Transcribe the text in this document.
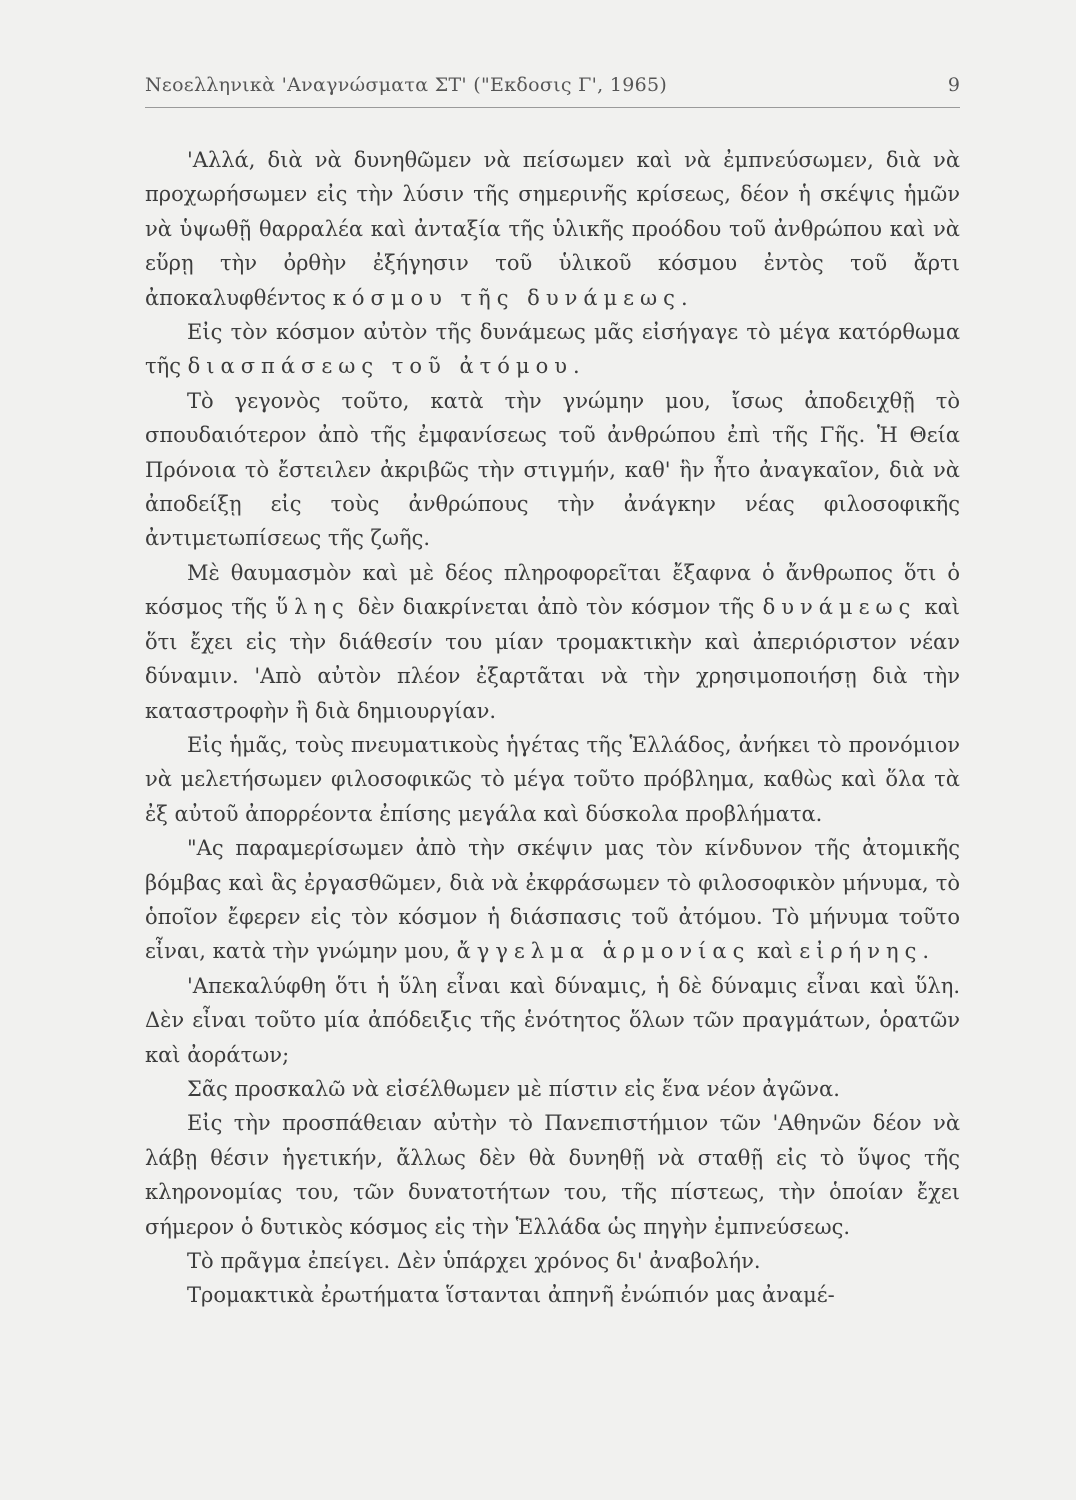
Νεοελληνικὰ 'Αναγνώσματα ΣΤ' ("Εκδοσις Γ', 1965)	9

'Αλλά, διὰ νὰ δυνηθῶμεν νὰ πείσωμεν καὶ νὰ ἐμπνεύσωμεν, διὰ νὰ προχωρήσωμεν εἰς τὴν λύσιν τῆς σημερινῆς κρίσεως, δέον ἡ σκέψις ἡμῶν νὰ ὑψωθῇ θαρραλέα καὶ ἀνταξία τῆς ὑλικῆς προόδου τοῦ ἀνθρώπου καὶ νὰ εὕρῃ τὴν ὀρθὴν ἐξήγησιν τοῦ ὑλικοῦ κόσμου ἐντὸς τοῦ ἄρτι ἀποκαλυφθέντος κόσμου τῆς δυνάμεως.

Εἰς τὸν κόσμον αὐτὸν τῆς δυνάμεως μᾶς εἰσήγαγε τὸ μέγα κατόρθωμα τῆς διασπάσεως τοῦ ἀτόμου.

Τὸ γεγονὸς τοῦτο, κατὰ τὴν γνώμην μου, ἴσως ἀποδειχθῇ τὸ σπουδαιότερον ἀπὸ τῆς ἐμφανίσεως τοῦ ἀνθρώπου ἐπὶ τῆς Γῆς. Ἡ Θεία Πρόνοια τὸ ἔστειλεν ἀκριβῶς τὴν στιγμήν, καθ' ἣν ἦτο ἀναγκαῖον, διὰ νὰ ἀποδείξῃ εἰς τοὺς ἀνθρώπους τὴν ἀνάγκην νέας φιλοσοφικῆς ἀντιμετωπίσεως τῆς ζωῆς.

Μὲ θαυμασμὸν καὶ μὲ δέος πληροφορεῖται ἔξαφνα ὁ ἄνθρωπος ὅτι ὁ κόσμος τῆς ὕλης δὲν διακρίνεται ἀπὸ τὸν κόσμον τῆς δυνάμεως καὶ ὅτι ἔχει εἰς τὴν διάθεσίν του μίαν τρομακτικὴν καὶ ἀπεριόριστον νέαν δύναμιν. 'Απὸ αὐτὸν πλέον ἐξαρτᾶται νὰ τὴν χρησιμοποιήσῃ διὰ τὴν καταστροφὴν ἢ διὰ δημιουργίαν.

Εἰς ἡμᾶς, τοὺς πνευματικοὺς ἡγέτας τῆς Ἑλλάδος, ἀνήκει τὸ προνόμιον νὰ μελετήσωμεν φιλοσοφικῶς τὸ μέγα τοῦτο πρόβλημα, καθὼς καὶ ὅλα τὰ ἐξ αὐτοῦ ἀπορρέοντα ἐπίσης μεγάλα καὶ δύσκολα προβλήματα.

"Ας παραμερίσωμεν ἀπὸ τὴν σκέψιν μας τὸν κίνδυνον τῆς ἀτομικῆς βόμβας καὶ ἃς ἐργασθῶμεν, διὰ νὰ ἐκφράσωμεν τὸ φιλοσοφικὸν μήνυμα, τὸ ὁποῖον ἔφερεν εἰς τὸν κόσμον ἡ διάσπασις τοῦ ἀτόμου. Τὸ μήνυμα τοῦτο εἶναι, κατὰ τὴν γνώμην μου, ἄγγελμα ἁρμονίας καὶ εἰρήνης.

'Απεκαλύφθη ὅτι ἡ ὕλη εἶναι καὶ δύναμις, ἡ δὲ δύναμις εἶναι καὶ ὕλη. Δὲν εἶναι τοῦτο μία ἀπόδειξις τῆς ἑνότητος ὅλων τῶν πραγμάτων, ὁρατῶν καὶ ἀοράτων;

Σᾶς προσκαλῶ νὰ εἰσέλθωμεν μὲ πίστιν εἰς ἕνα νέον ἀγῶνα.

Εἰς τὴν προσπάθειαν αὐτὴν τὸ Πανεπιστήμιον τῶν 'Αθηνῶν δέον νὰ λάβῃ θέσιν ἡγετικήν, ἄλλως δὲν θὰ δυνηθῇ νὰ σταθῇ εἰς τὸ ὕψος τῆς κληρονομίας του, τῶν δυνατοτήτων του, τῆς πίστεως, τὴν ὁποίαν ἔχει σήμερον ὁ δυτικὸς κόσμος εἰς τὴν Ἑλλάδα ὡς πηγὴν ἐμπνεύσεως.

Τὸ πρᾶγμα ἐπείγει. Δὲν ὑπάρχει χρόνος δι' ἀναβολήν.

Τρομακτικὰ ἐρωτήματα ἵστανται ἀπηνῆ ἐνώπιόν μας ἀναμέ-
